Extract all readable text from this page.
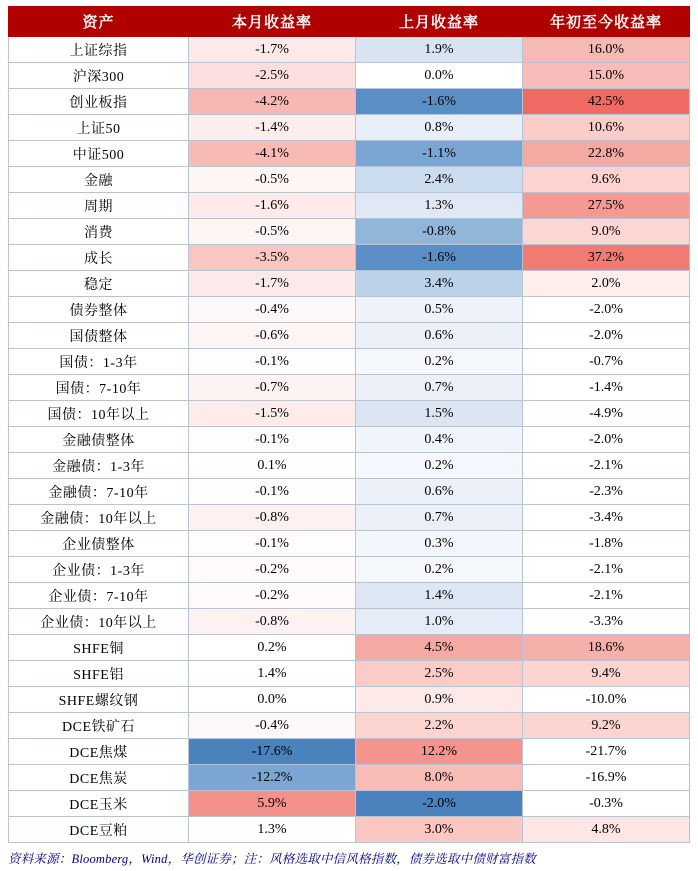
资产	本月收益率	上月收益率	年初至今收益率
上证综指	-1.7%	1.9%	16.0%
沪深300	-2.5%	0.0%	15.0%
创业板指	-4.2%	-1.6%	42.5%
上证50	-1.4%	0.8%	10.6%
中证500	-4.1%	-1.1%	22.8%
金融	-0.5%	2.4%	9.6%
周期	-1.6%	1.3%	27.5%
消费	-0.5%	-0.8%	9.0%
成长	-3.5%	-1.6%	37.2%
稳定	-1.7%	3.4%	2.0%
债券整体	-0.4%	0.5%	-2.0%
国债整体	-0.6%	0.6%	-2.0%
国债：1-3年	-0.1%	0.2%	-0.7%
国债：7-10年	-0.7%	0.7%	-1.4%
国债：10年以上	-1.5%	1.5%	-4.9%
金融债整体	-0.1%	0.4%	-2.0%
金融债：1-3年	0.1%	0.2%	-2.1%
金融债：7-10年	-0.1%	0.6%	-2.3%
金融债：10年以上	-0.8%	0.7%	-3.4%
企业债整体	-0.1%	0.3%	-1.8%
企业债：1-3年	-0.2%	0.2%	-2.1%
企业债：7-10年	-0.2%	1.4%	-2.1%
企业债：10年以上	-0.8%	1.0%	-3.3%
SHFE铜	0.2%	4.5%	18.6%
SHFE铝	1.4%	2.5%	9.4%
SHFE螺纹钢	0.0%	0.9%	-10.0%
DCE铁矿石	-0.4%	2.2%	9.2%
DCE焦煤	-17.6%	12.2%	-21.7%
DCE焦炭	-12.2%	8.0%	-16.9%
DCE玉米	5.9%	-2.0%	-0.3%
DCE豆粕	1.3%	3.0%	4.8%
资料来源：Bloomberg，Wind，华创证券；注：风格选取中信风格指数，债券选取中债财富指数
